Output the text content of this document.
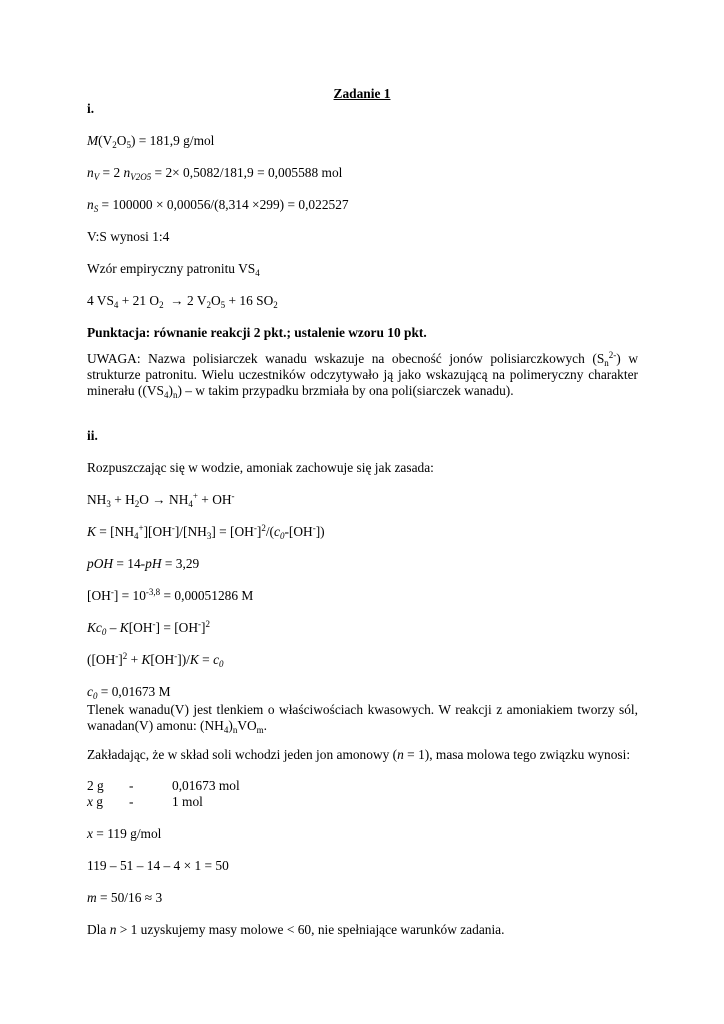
Zadanie 1
i.
$M(V_2O_5) = 181,9$ g/mol
$n_V = 2$ $n_{V2O5} = 2\times 0,5082/181,9 = 0,005588$ mol
$n_S = 100000 \times 0,00056/(8,314 \times 299) = 0,022527$
V:S wynosi 1:4
Wzór empiryczny patronitu $VS_4$
4 $VS_4 + 21$ $O_2 \to 2$ $V_2O_5 + 16$ $SO_2$
Punktacja: równanie reakcji 2 pkt.; ustalenie wzoru 10 pkt.
UWAGA: Nazwa polisiarczek wanadu wskazuje na obecność jonów polisiarczkowych $(S_n^{2-})$ w strukturze patronitu. Wielu uczestników odczytywało ją jako wskazującą na polimeryczny charakter minerału $((VS_4)_n)$ – w takim przypadku brzmiała by ona poli(siarczek wanadu).
ii.
Rozpuszczając się w wodzie, amoniak zachowuje się jak zasada:
$NH_3 + H_2O \to NH_4^+ + OH^-$
$K = [NH_4^+][OH^-]/[NH_3] = [OH^-]^2/(c_0-[OH^-])$
pOH = 14-pH = 3,29
$[OH^-] = 10^{-3,8} = 0,00051286$ M
$Kc_0 - K[OH^-] = [OH^-]^2$
$([OH^-]^2 + K[OH^-])/K = c_0$
$c_0 = 0,01673$ M
Tlenek wanadu(V) jest tlenkiem o właściwościach kwasowych. W reakcji z amoniakiem tworzy sól, wanadan(V) amonu: $(NH_4)_nVO_m$.
Zakładając, że w skład soli wchodzi jeden jon amonowy (n = 1), masa molowa tego związku wynosi:
2 g -	0,01673 mol
x g -	1 mol
x = 119 g/mol
119 – 51 – 14 – 4 × 1 = 50
m = 50/16 ≈ 3
Dla n > 1 uzyskujemy masy molowe < 60, nie spełniające warunków zadania.
